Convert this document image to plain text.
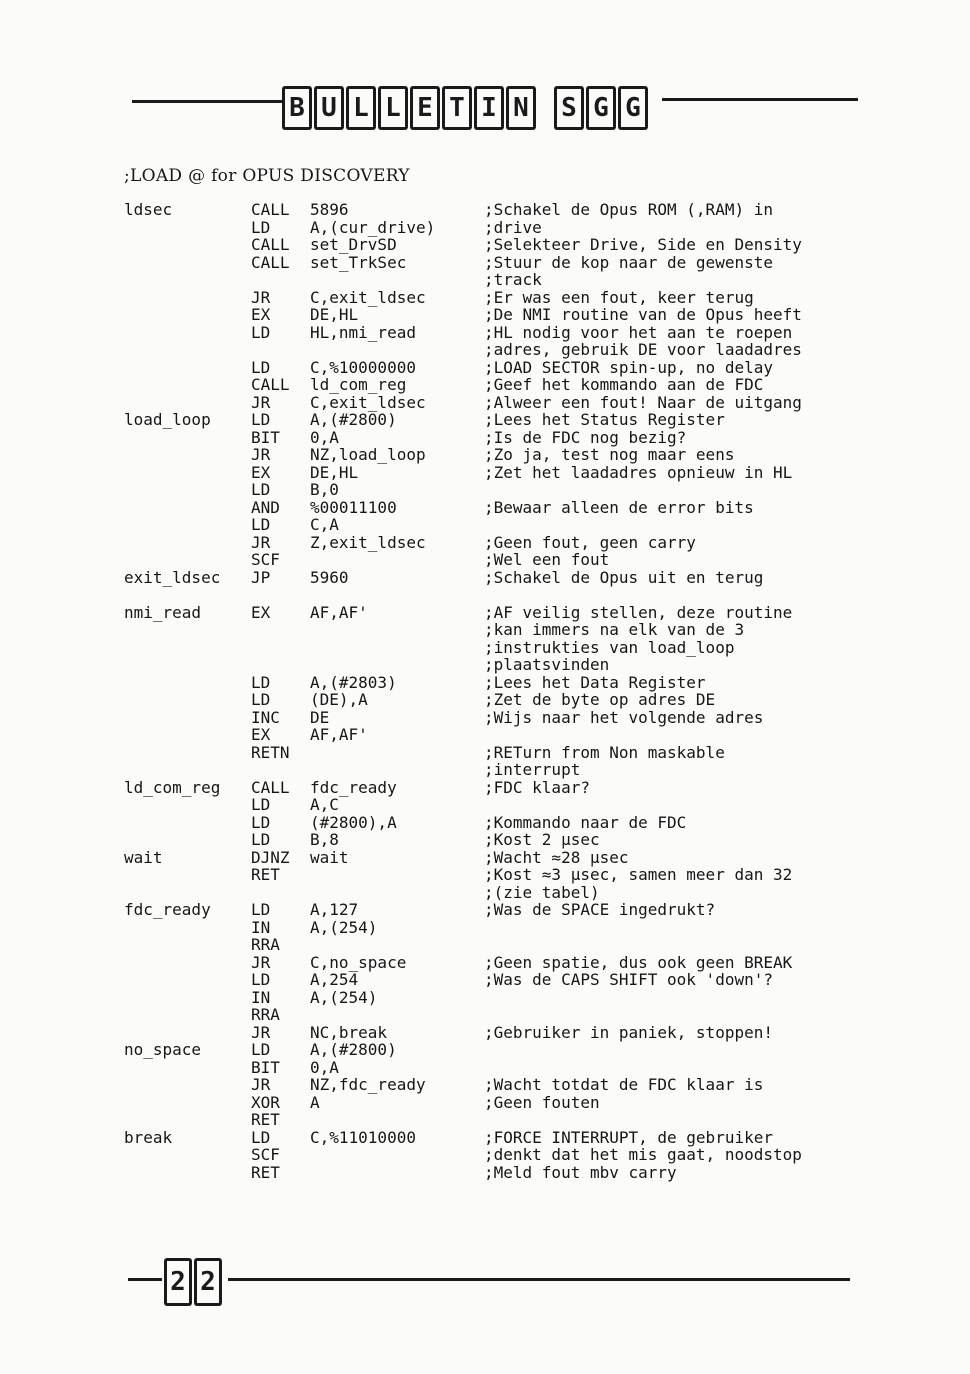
B U L L E T I N S G G
;LOAD @ for OPUS DISCOVERY
ldsec	CALL 5896	;Schakel de Opus ROM (,RAM) in
LD A,(cur_drive)	;drive
CALL set_DrvSD	;Selekteer Drive, Side en Density
CALL set_TrkSec	;Stuur de kop naar de gewenste
;track
JR C,exit_ldsec	;Er was een fout, keer terug
EX DE,HL	;De NMI routine van de Opus heeft
LD HL,nmi_read	;HL nodig voor het aan te roepen
;adres, gebruik DE voor laadadres
LD C,%10000000	;LOAD SECTOR spin-up, no delay
CALL ld_com_reg	;Geef het kommando aan de FDC
JR C,exit_ldsec	;Alweer een fout! Naar de uitgang
load_loop	LD A,(#2800)	;Lees het Status Register
BIT 0,A	;Is de FDC nog bezig?
JR NZ,load_loop	;Zo ja, test nog maar eens
EX DE,HL	;Zet het laadadres opnieuw in HL
LD B,0
AND %00011100	;Bewaar alleen de error bits
LD C,A
JR Z,exit_ldsec	;Geen fout, geen carry
SCF	;Wel een fout
exit_ldsec JP 5960	;Schakel de Opus uit en terug
nmi_read	EX AF,AF'	;AF veilig stellen, deze routine
;kan immers na elk van de 3
;instrukties van load_loop
;plaatsvinden
LD A,(#2803)	;Lees het Data Register
LD (DE),A	;Zet de byte op adres DE
INC DE	;Wijs naar het volgende adres
EX AF,AF'
RETN	;RETurn from Non maskable
;interrupt
ld_com_reg CALL fdc_ready	;FDC klaar?
LD A,C
LD (#2800),A	;Kommando naar de FDC
LD B,8	;Kost 2 µsec
wait	DJNZ wait	;Wacht ≈28 µsec
RET	;Kost ≈3 µsec, samen meer dan 32
;(zie tabel)
fdc_ready	LD A,127	;Was de SPACE ingedrukt?
IN A,(254)
RRA
JR C,no_space	;Geen spatie, dus ook geen BREAK
LD A,254	;Was de CAPS SHIFT ook 'down'?
IN A,(254)
RRA
JR NC,break	;Gebruiker in paniek, stoppen!
no_space	LD A,(#2800)
BIT 0,A
JR NZ,fdc_ready	;Wacht totdat de FDC klaar is
XOR A	;Geen fouten
RET
break	LD C,%11010000	;FORCE INTERRUPT, de gebruiker
SCF	;denkt dat het mis gaat, noodstop
RET	;Meld fout mbv carry
2 2
